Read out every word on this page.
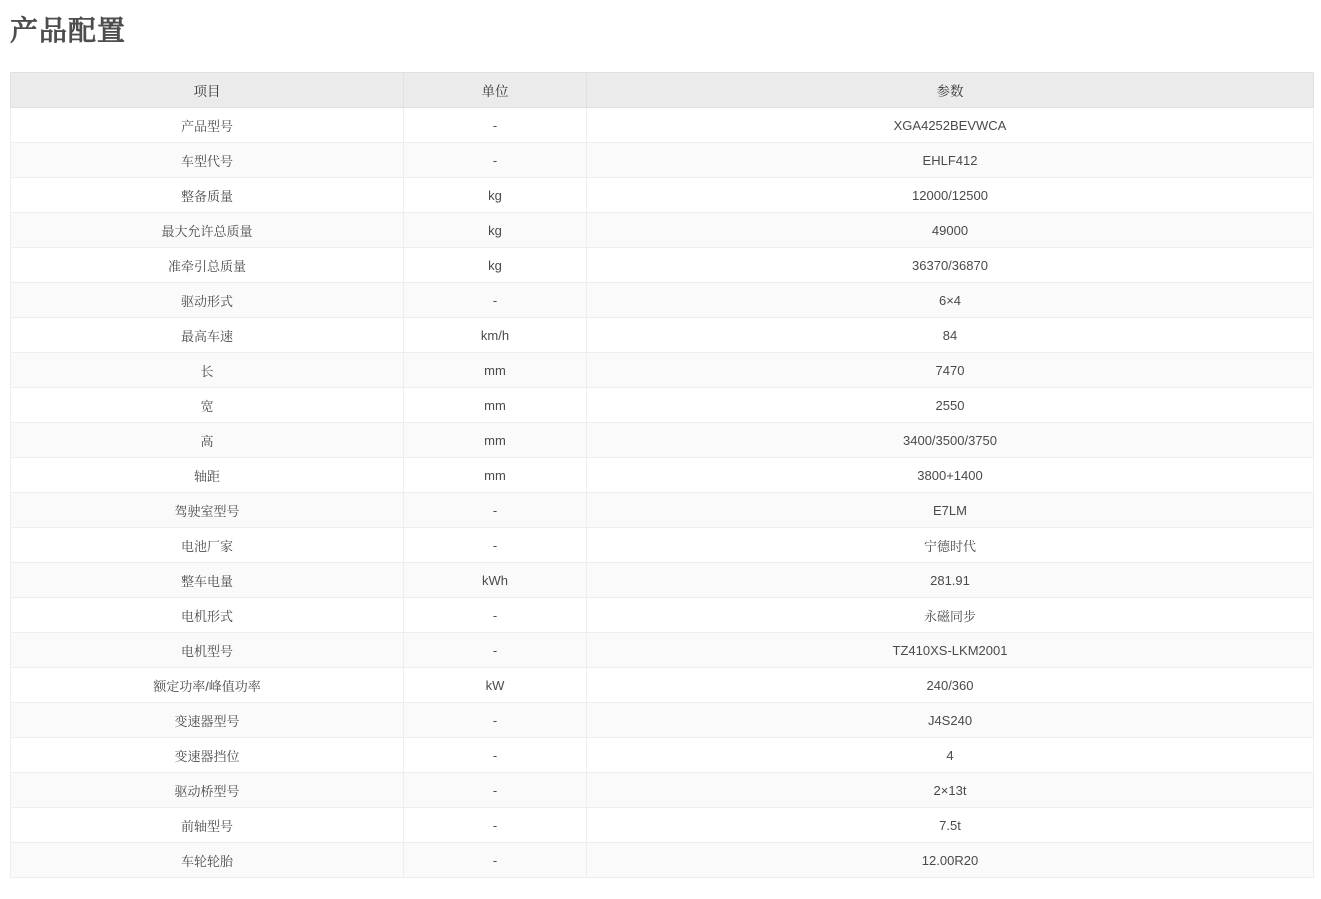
产品配置
项目	单位	参数
产品型号	-	XGA4252BEVWCA
车型代号	-	EHLF412
整备质量	kg	12000/12500
最大允许总质量	kg	49000
准牵引总质量	kg	36370/36870
驱动形式	-	6×4
最高车速	km/h	84
长	mm	7470
宽	mm	2550
高	mm	3400/3500/3750
轴距	mm	3800+1400
驾驶室型号	-	E7LM
电池厂家	-	宁德时代
整车电量	kWh	281.91
电机形式	-	永磁同步
电机型号	-	TZ410XS-LKM2001
额定功率/峰值功率	kW	240/360
变速器型号	-	J4S240
变速器挡位	-	4
驱动桥型号	-	2×13t
前轴型号	-	7.5t
车轮轮胎	-	12.00R20
